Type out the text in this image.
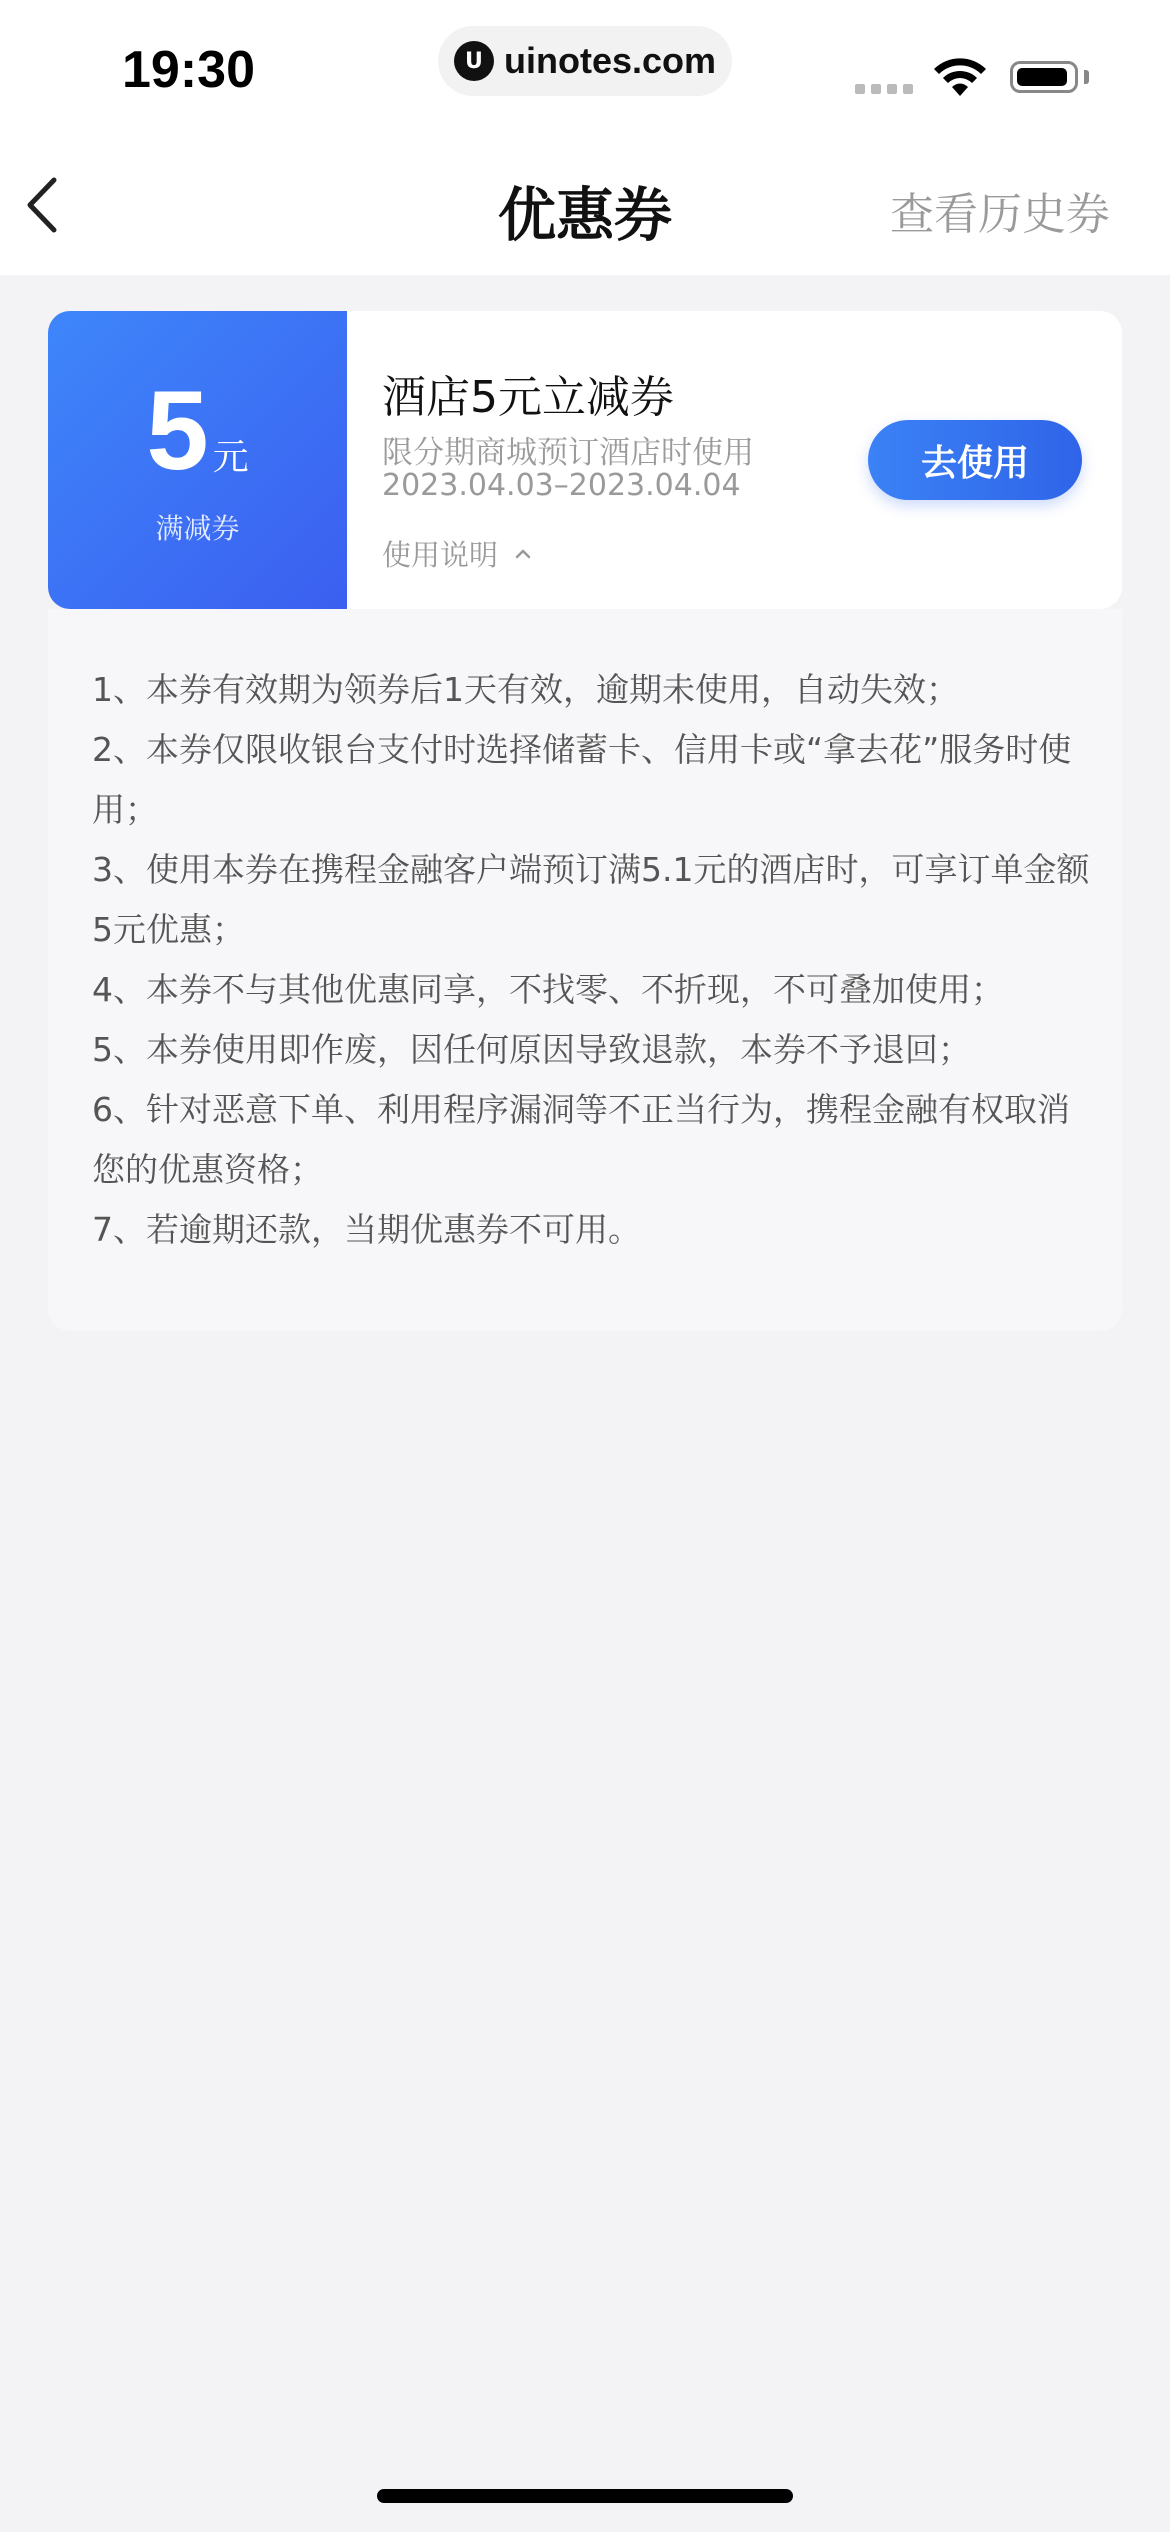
19:30	U uinotes.com
优惠券	查看历史券
5 元
满减券
酒店5元立减券
限分期商城预订酒店时使用
2023.04.03–2023.04.04
使用说明
去使用
1、本券有效期为领券后1天有效，逾期未使用，自动失效；
2、本券仅限收银台支付时选择储蓄卡、信用卡或“拿去花”服务时使用；
3、使用本券在携程金融客户端预订满5.1元的酒店时，可享订单金额5元优惠；
4、本券不与其他优惠同享，不找零、不折现，不可叠加使用；
5、本券使用即作废，因任何原因导致退款，本券不予退回；
6、针对恶意下单、利用程序漏洞等不正当行为，携程金融有权取消您的优惠资格；
7、若逾期还款，当期优惠券不可用。
